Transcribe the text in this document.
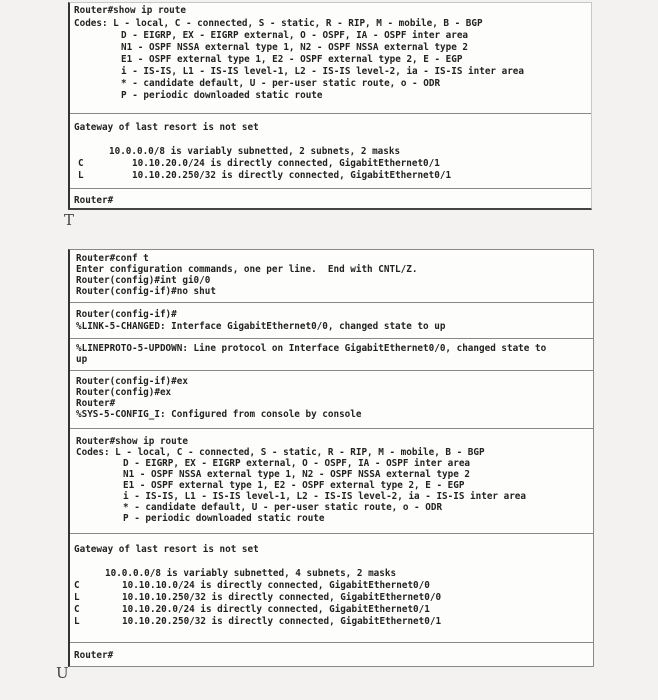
Router#show ip route
Codes: L - local, C - connected, S - static, R - RIP, M - mobile, B - BGP
D - EIGRP, EX - EIGRP external, O - OSPF, IA - OSPF inter area
N1 - OSPF NSSA external type 1, N2 - OSPF NSSA external type 2
E1 - OSPF external type 1, E2 - OSPF external type 2, E - EGP
i - IS-IS, L1 - IS-IS level-1, L2 - IS-IS level-2, ia - IS-IS inter area
* - candidate default, U - per-user static route, o - ODR
P - periodic downloaded static route
Gateway of last resort is not set
10.0.0.0/8 is variably subnetted, 2 subnets, 2 masks
C	10.10.20.0/24 is directly connected, GigabitEthernet0/1
L	10.10.20.250/32 is directly connected, GigabitEthernet0/1
Router#
T
Router#conf t
Enter configuration commands, one per line.  End with CNTL/Z.
Router(config)#int gi0/0
Router(config-if)#no shut
Router(config-if)#
%LINK-5-CHANGED: Interface GigabitEthernet0/0, changed state to up
%LINEPROTO-5-UPDOWN: Line protocol on Interface GigabitEthernet0/0, changed state to
up
Router(config-if)#ex
Router(config)#ex
Router#
%SYS-5-CONFIG_I: Configured from console by console
Router#show ip route
Codes: L - local, C - connected, S - static, R - RIP, M - mobile, B - BGP
D - EIGRP, EX - EIGRP external, O - OSPF, IA - OSPF inter area
N1 - OSPF NSSA external type 1, N2 - OSPF NSSA external type 2
E1 - OSPF external type 1, E2 - OSPF external type 2, E - EGP
i - IS-IS, L1 - IS-IS level-1, L2 - IS-IS level-2, ia - IS-IS inter area
* - candidate default, U - per-user static route, o - ODR
P - periodic downloaded static route
Gateway of last resort is not set
10.0.0.0/8 is variably subnetted, 4 subnets, 2 masks
C	10.10.10.0/24 is directly connected, GigabitEthernet0/0
L	10.10.10.250/32 is directly connected, GigabitEthernet0/0
C	10.10.20.0/24 is directly connected, GigabitEthernet0/1
L	10.10.20.250/32 is directly connected, GigabitEthernet0/1
Router#
U
